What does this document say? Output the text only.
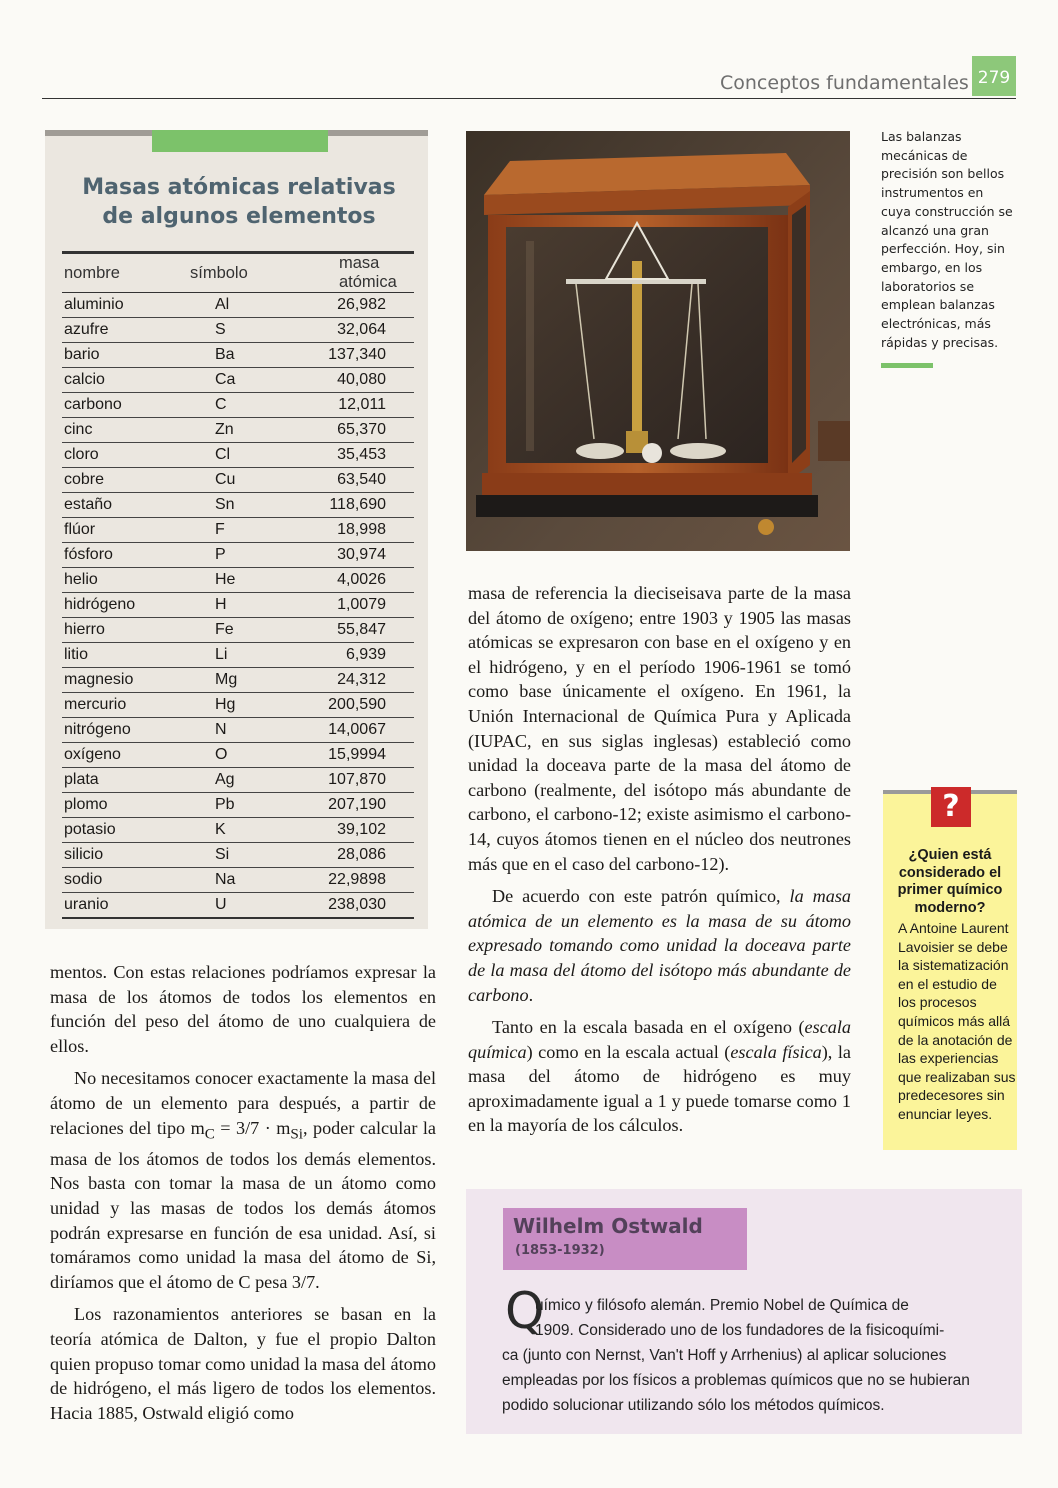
Conceptos fundamentales 279
Masas atómicas relativas
de algunos elementos
nombre	símbolo	masa atómica
aluminio	Al	26,982
azufre	S	32,064
bario	Ba	137,340
calcio	Ca	40,080
carbono	C	12,011
cinc	Zn	65,370
cloro	Cl	35,453
cobre	Cu	63,540
estaño	Sn	118,690
flúor	F	18,998
fósforo	P	30,974
helio	He	4,0026
hidrógeno	H	1,0079
hierro	Fe	55,847
litio	Li	6,939
magnesio	Mg	24,312
mercurio	Hg	200,590
nitrógeno	N	14,0067
oxígeno	O	15,9994
plata	Ag	107,870
plomo	Pb	207,190
potasio	K	39,102
silicio	Si	28,086
sodio	Na	22,9898
uranio	U	238,030
Las balanzas mecánicas de precisión son bellos instrumentos en cuya construcción se alcanzó una gran perfección. Hoy, sin embargo, en los laboratorios se emplean balanzas electrónicas, más rápidas y precisas.

mentos. Con estas relaciones podríamos expresar la masa de los átomos de todos los elementos en función del peso del átomo de uno cualquiera de ellos.

No necesitamos conocer exactamente la masa del átomo de un elemento para después, a partir de relaciones del tipo $m_C = 3/7 \cdot m_{Si}$, poder calcular la masa de los átomos de todos los demás elementos. Nos basta con tomar la masa de un átomo como unidad y las masas de todos los demás átomos podrán expresarse en función de esa unidad. Así, si tomáramos como unidad la masa del átomo de Si, diríamos que el átomo de C pesa 3/7.

Los razonamientos anteriores se basan en la teoría atómica de Dalton, y fue el propio Dalton quien propuso tomar como unidad la masa del átomo de hidrógeno, el más ligero de todos los elementos. Hacia 1885, Ostwald eligió como

masa de referencia la dieciseisava parte de la masa del átomo de oxígeno; entre 1903 y 1905 las masas atómicas se expresaron con base en el oxígeno y en el hidrógeno, y en el período 1906-1961 se tomó como base únicamente el oxígeno. En 1961, la Unión Internacional de Química Pura y Aplicada (IUPAC, en sus siglas inglesas) estableció como unidad la doceava parte de la masa del átomo de carbono (realmente, del isótopo más abundante de carbono, el carbono-12; existe asimismo el carbono-14, cuyos átomos tienen en el núcleo dos neutrones más que en el caso del carbono-12).

De acuerdo con este patrón químico, la masa atómica de un elemento es la masa de su átomo expresado tomando como unidad la doceava parte de la masa del átomo del isótopo más abundante de carbono.

Tanto en la escala basada en el oxígeno (escala química) como en la escala actual (escala física), la masa del átomo de hidrógeno es muy aproximadamente igual a 1 y puede tomarse como 1 en la mayoría de los cálculos.

?
¿Quien está considerado el primer químico moderno?
A Antoine Laurent Lavoisier se debe la sistematización en el estudio de los procesos químicos más allá de la anotación de las experiencias que realizaban sus predecesores sin enunciar leyes.
Wilhelm Ostwald
(1853-1932)
Q
uímico y filósofo alemán. Premio Nobel de Química de
1909. Considerado uno de los fundadores de la fisicoquími-
ca (junto con Nernst, Van't Hoff y Arrhenius) al aplicar soluciones empleadas por los físicos a problemas químicos que no se hubieran podido solucionar utilizando sólo los métodos químicos.
